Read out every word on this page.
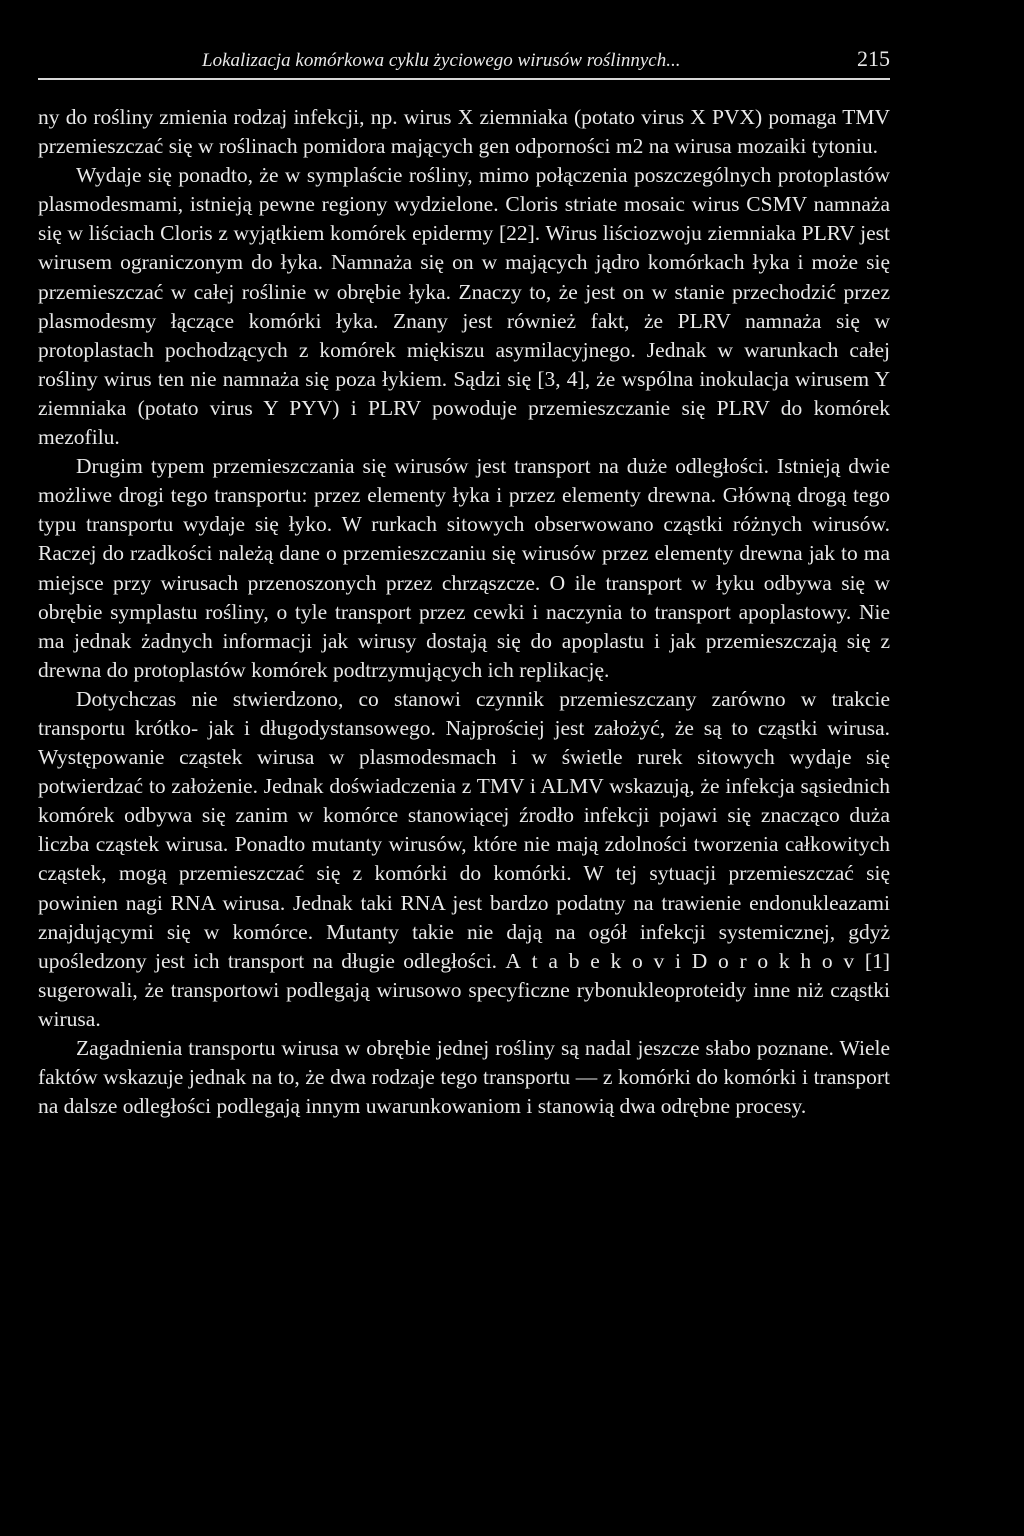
Lokalizacja komórkowa cyklu życiowego wirusów roślinnych...	215

ny do rośliny zmienia rodzaj infekcji, np. wirus X ziemniaka (potato virus X PVX) pomaga TMV przemieszczać się w roślinach pomidora mających gen odporności m2 na wirusa mozaiki tytoniu.

Wydaje się ponadto, że w symplaście rośliny, mimo połączenia poszczególnych protoplastów plasmodesmami, istnieją pewne regiony wydzielone. Cloris striate mosaic wirus CSMV namnaża się w liściach Cloris z wyjątkiem komórek epidermy [22]. Wirus liściozwoju ziemniaka PLRV jest wirusem ograniczonym do łyka. Namnaża się on w mających jądro komórkach łyka i może się przemieszczać w całej roślinie w obrębie łyka. Znaczy to, że jest on w stanie przechodzić przez plasmodesmy łączące komórki łyka. Znany jest również fakt, że PLRV namnaża się w protoplastach pochodzących z komórek miękiszu asymilacyjnego. Jednak w warunkach całej rośliny wirus ten nie namnaża się poza łykiem. Sądzi się [3, 4], że wspólna inokulacja wirusem Y ziemniaka (potato virus Y PYV) i PLRV powoduje przemieszczanie się PLRV do komórek mezofilu.

Drugim typem przemieszczania się wirusów jest transport na duże odległości. Istnieją dwie możliwe drogi tego transportu: przez elementy łyka i przez elementy drewna. Główną drogą tego typu transportu wydaje się łyko. W rurkach sitowych obserwowano cząstki różnych wirusów. Raczej do rzadkości należą dane o przemieszczaniu się wirusów przez elementy drewna jak to ma miejsce przy wirusach przenoszonych przez chrząszcze. O ile transport w łyku odbywa się w obrębie symplastu rośliny, o tyle transport przez cewki i naczynia to transport apoplastowy. Nie ma jednak żadnych informacji jak wirusy dostają się do apoplastu i jak przemieszczają się z drewna do protoplastów komórek podtrzymujących ich replikację.

Dotychczas nie stwierdzono, co stanowi czynnik przemieszczany zarówno w trakcie transportu krótko- jak i długodystansowego. Najprościej jest założyć, że są to cząstki wirusa. Występowanie cząstek wirusa w plasmodesmach i w świetle rurek sitowych wydaje się potwierdzać to założenie. Jednak doświadczenia z TMV i ALMV wskazują, że infekcja sąsiednich komórek odbywa się zanim w komórce stanowiącej źrodło infekcji pojawi się znacząco duża liczba cząstek wirusa. Ponadto mutanty wirusów, które nie mają zdolności tworzenia całkowitych cząstek, mogą przemieszczać się z komórki do komórki. W tej sytuacji przemieszczać się powinien nagi RNA wirusa. Jednak taki RNA jest bardzo podatny na trawienie endonukleazami znajdującymi się w komórce. Mutanty takie nie dają na ogół infekcji systemicznej, gdyż upośledzony jest ich transport na długie odległości. AtabekoviDorokhov[1] sugerowali, że transportowi podlegają wirusowo specyficzne rybonukleoproteidy inne niż cząstki wirusa.

Zagadnienia transportu wirusa w obrębie jednej rośliny są nadal jeszcze słabo poznane. Wiele faktów wskazuje jednak na to, że dwa rodzaje tego transportu — z komórki do komórki i transport na dalsze odległości podlegają innym uwarunkowaniom i stanowią dwa odrębne procesy.
